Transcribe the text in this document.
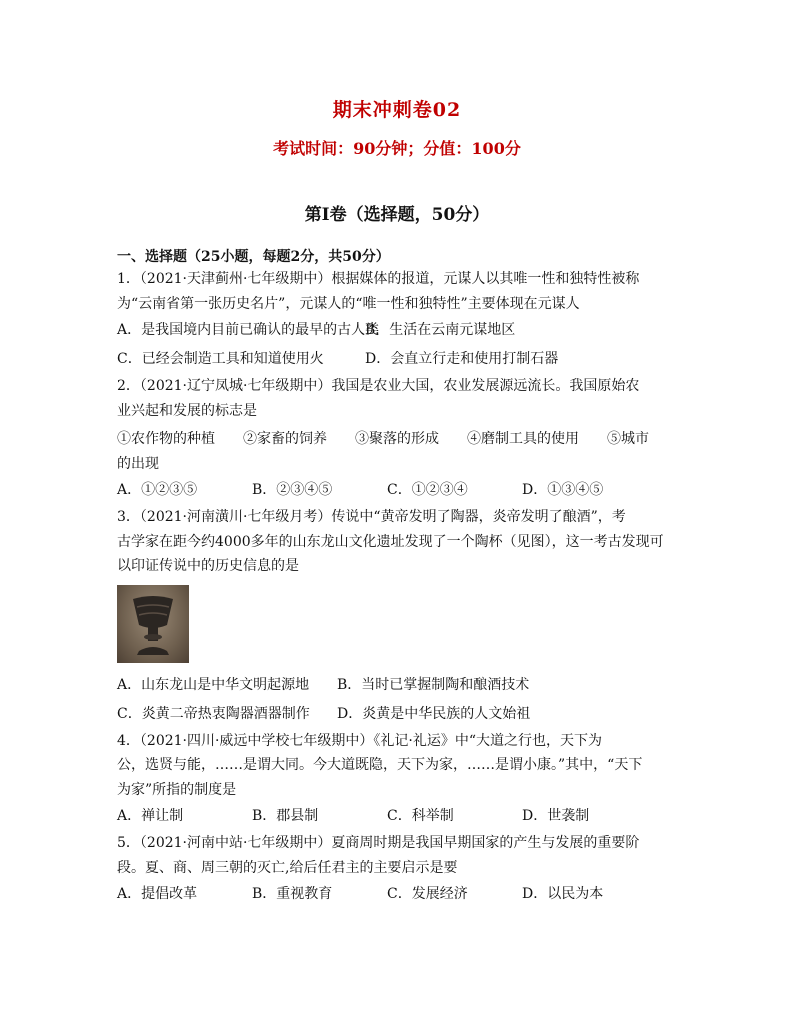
期末冲刺卷02
考试时间：90分钟；分值：100分
第I卷（选择题，50分）

一、选择题（25小题，每题2分，共50分）

1．（2021·天津蓟州·七年级期中）根据媒体的报道，元谋人以其唯一性和独特性被称

为“云南省第一张历史名片”，元谋人的“唯一性和独特性”主要体现在元谋人

A．是我国境内目前已确认的最早的古人类
B．生活在云南元谋地区
C．已经会制造工具和知道使用火	D．会直立行走和使用打制石器

2．（2021·辽宁凤城·七年级期中）我国是农业大国，农业发展源远流长。我国原始农

业兴起和发展的标志是

①农作物的种植　　②家畜的饲养　　③聚落的形成　　④磨制工具的使用　　⑤城市

的出现

A．①②③⑤	B．②③④⑤	C．①②③④	D．①③④⑤

3．（2021·河南潢川·七年级月考）传说中“黄帝发明了陶器，炎帝发明了酿酒”，考

古学家在距今约4000多年的山东龙山文化遗址发现了一个陶杯（见图），这一考古发现可

以印证传说中的历史信息的是

A．山东龙山是中华文明起源地	B．当时已掌握制陶和酿酒技术
C．炎黄二帝热衷陶器酒器制作	D．炎黄是中华民族的人文始祖

4．（2021·四川·威远中学校七年级期中）《礼记·礼运》中“大道之行也，天下为

公，选贤与能，……是谓大同。今大道既隐，天下为家，……是谓小康。”其中，“天下

为家”所指的制度是

A．禅让制	B．郡县制	C．科举制	D．世袭制

5．（2021·河南中站·七年级期中）夏商周时期是我国早期国家的产生与发展的重要阶

段。夏、商、周三朝的灭亡,给后任君主的主要启示是要

A．提倡改革	B．重视教育	C．发展经济	D．以民为本
